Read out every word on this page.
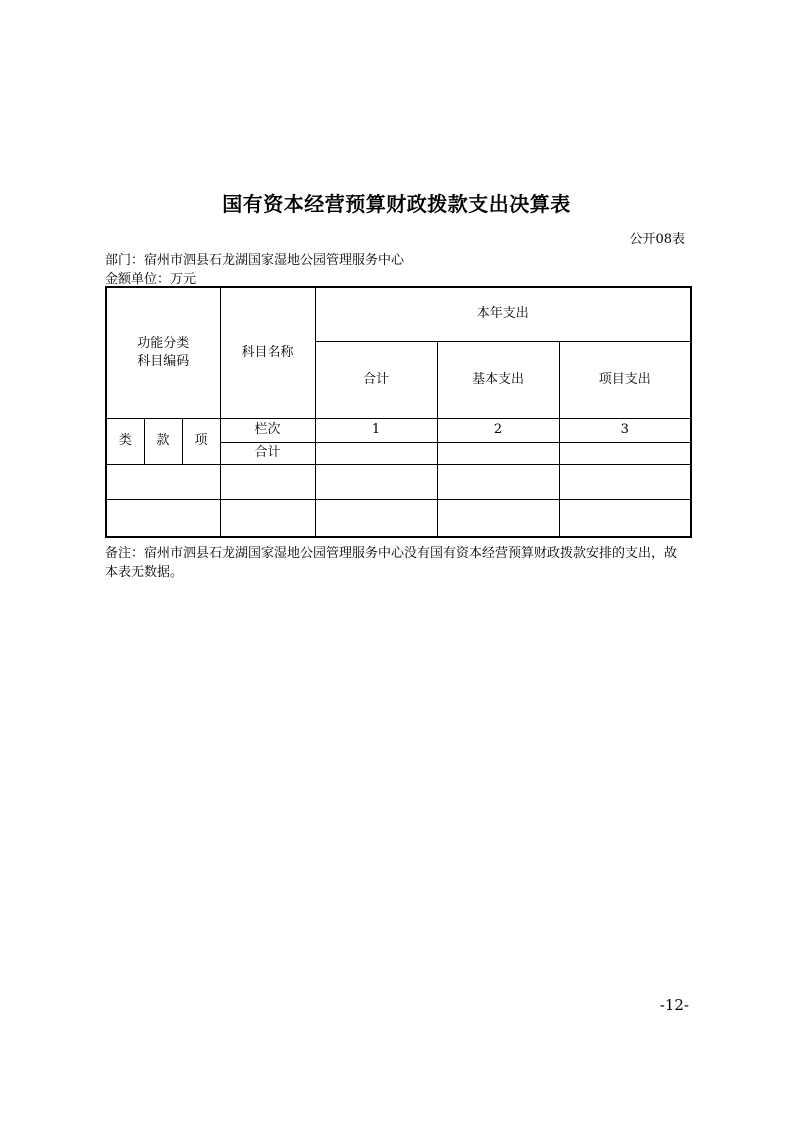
国有资本经营预算财政拨款支出决算表
公开08表
部门：宿州市泗县石龙湖国家湿地公园管理服务中心
金额单位：万元
功能分类
科目编码			科目名称	本年支出		
				合计	基本支出	项目支出
类	款	项	栏次	1	2	3
			合计			

备注：宿州市泗县石龙湖国家湿地公园管理服务中心没有国有资本经营预算财政拨款安排的支出，故
本表无数据。
-12-
